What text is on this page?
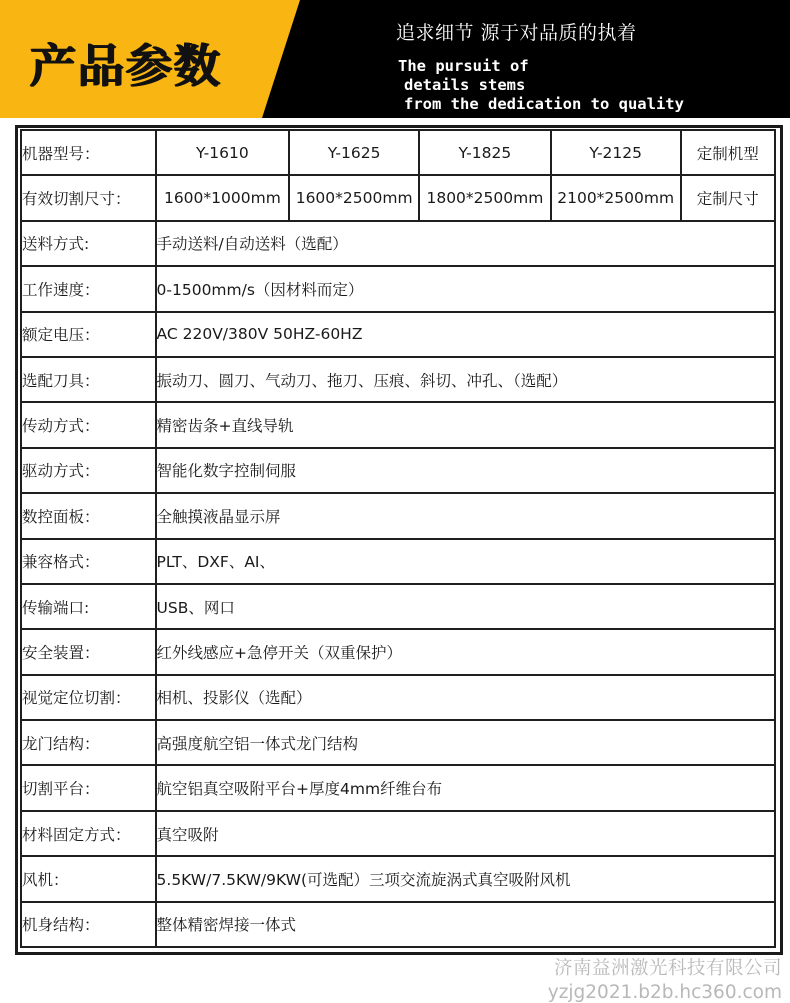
产品参数
追求细节 源于对品质的执着
The pursuit of
details stems
from the dedication to quality
机器型号：	Y-1610	Y-1625	Y-1825	Y-2125	定制机型
有效切割尺寸：	1600*1000mm	1600*2500mm	1800*2500mm	2100*2500mm	定制尺寸
送料方式:	手动送料/自动送料（选配）				
工作速度：	0-1500mm/s（因材料而定）				
额定电压：	AC 220V/380V 50HZ-60HZ				
选配刀具：	振动刀、圆刀、气动刀、拖刀、压痕、斜切、冲孔、（选配）				
传动方式：	精密齿条+直线导轨				
驱动方式：	智能化数字控制伺服				
数控面板：	全触摸液晶显示屏				
兼容格式：	PLT、DXF、AI、				
传输端口:	USB、网口				
安全装置：	红外线感应+急停开关（双重保护）				
视觉定位切割：	相机、投影仪（选配）				
龙门结构：	高强度航空铝一体式龙门结构				
切割平台：	航空铝真空吸附平台+厚度4mm纤维台布				
材料固定方式：	真空吸附				
风机：	5.5KW/7.5KW/9KW(可选配）三项交流旋涡式真空吸附风机				
机身结构：	整体精密焊接一体式				
济南益洲激光科技有限公司
yzjg2021.b2b.hc360.com
